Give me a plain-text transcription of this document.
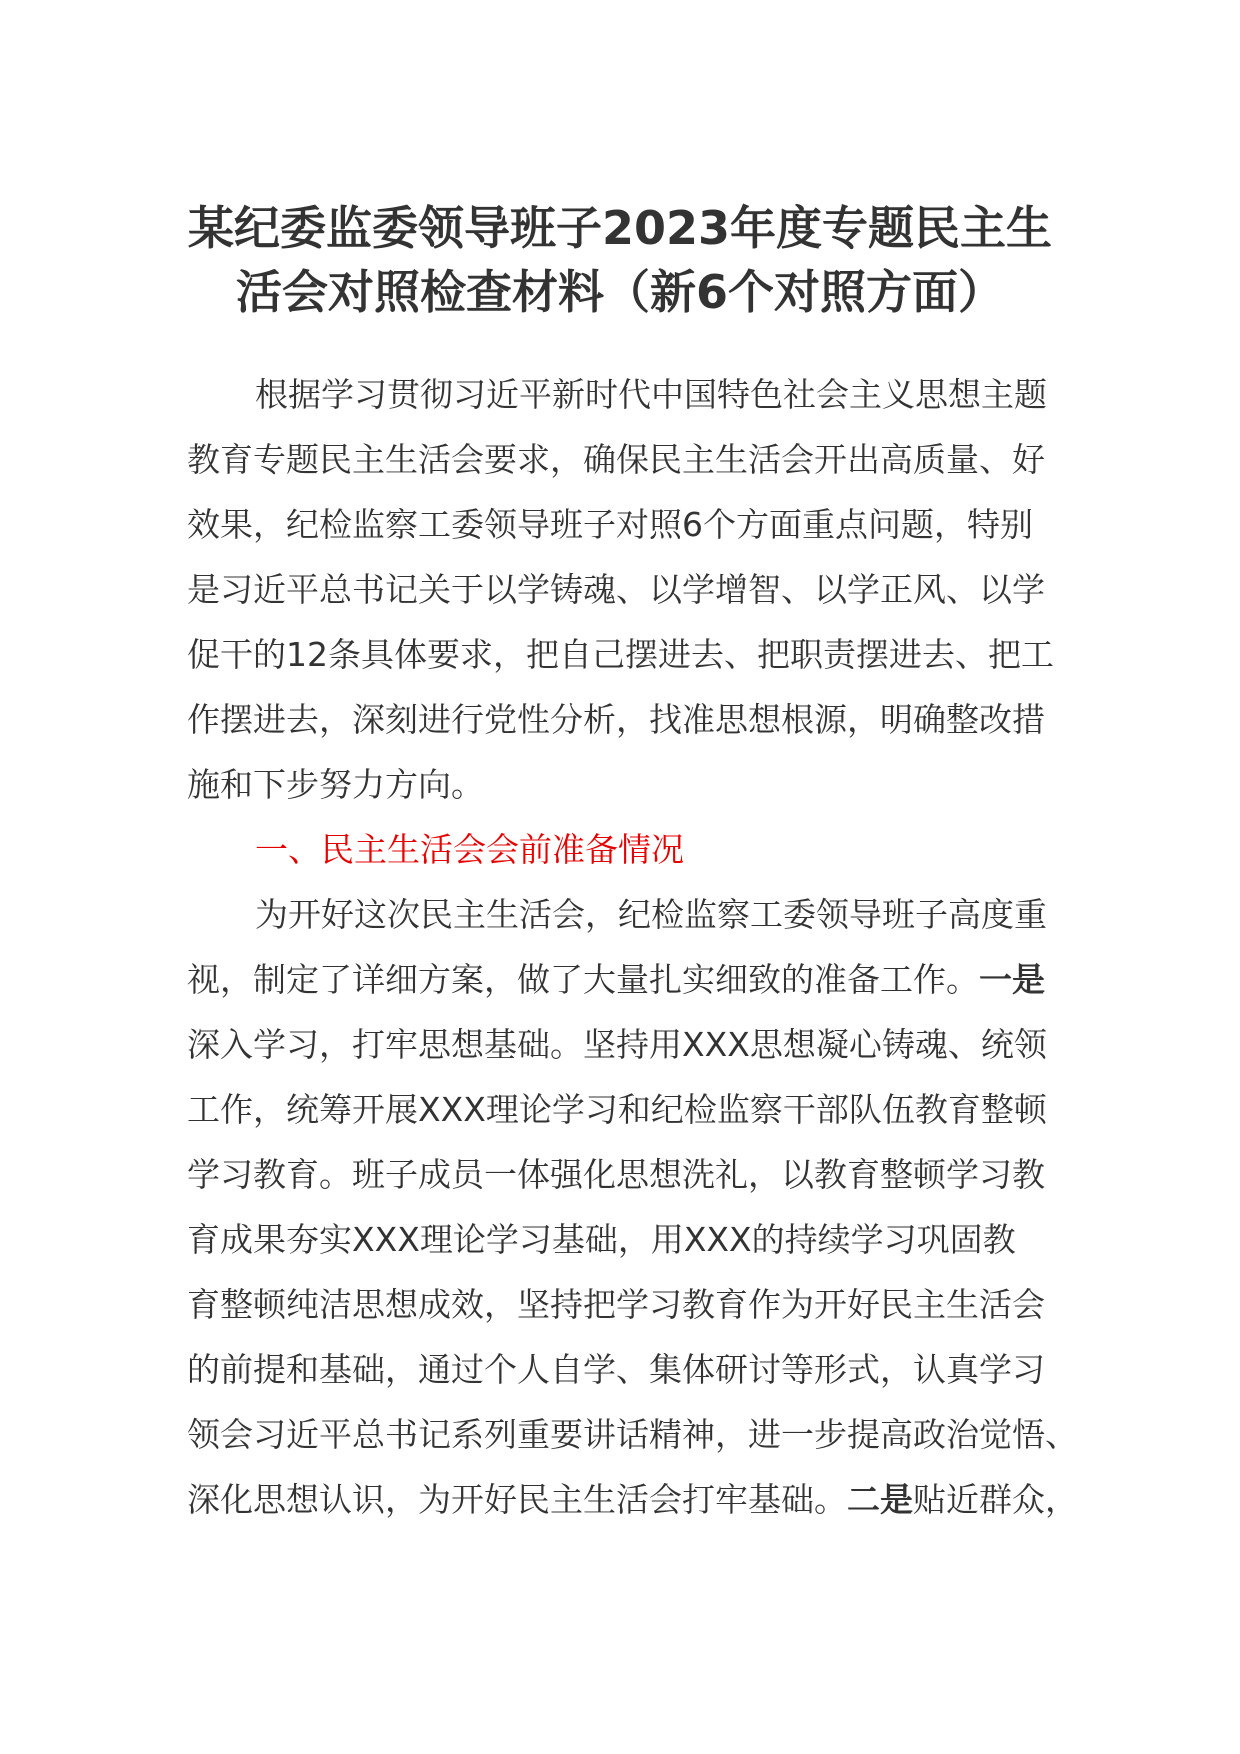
某纪委监委领导班子2023年度专题民主生
活会对照检查材料（新6个对照方面）
根据学习贯彻习近平新时代中国特色社会主义思想主题
教育专题民主生活会要求，确保民主生活会开出高质量、好
效果，纪检监察工委领导班子对照6个方面重点问题，特别
是习近平总书记关于以学铸魂、以学增智、以学正风、以学
促干的12条具体要求，把自己摆进去、把职责摆进去、把工
作摆进去，深刻进行党性分析，找准思想根源，明确整改措
施和下步努力方向。
一、民主生活会会前准备情况
为开好这次民主生活会，纪检监察工委领导班子高度重
视，制定了详细方案，做了大量扎实细致的准备工作。一是
深入学习，打牢思想基础。坚持用XXX思想凝心铸魂、统领
工作，统筹开展XXX理论学习和纪检监察干部队伍教育整顿
学习教育。班子成员一体强化思想洗礼，以教育整顿学习教
育成果夯实XXX理论学习基础，用XXX的持续学习巩固教
育整顿纯洁思想成效，坚持把学习教育作为开好民主生活会
的前提和基础，通过个人自学、集体研讨等形式，认真学习
领会习近平总书记系列重要讲话精神，进一步提高政治觉悟、
深化思想认识，为开好民主生活会打牢基础。二是贴近群众，
